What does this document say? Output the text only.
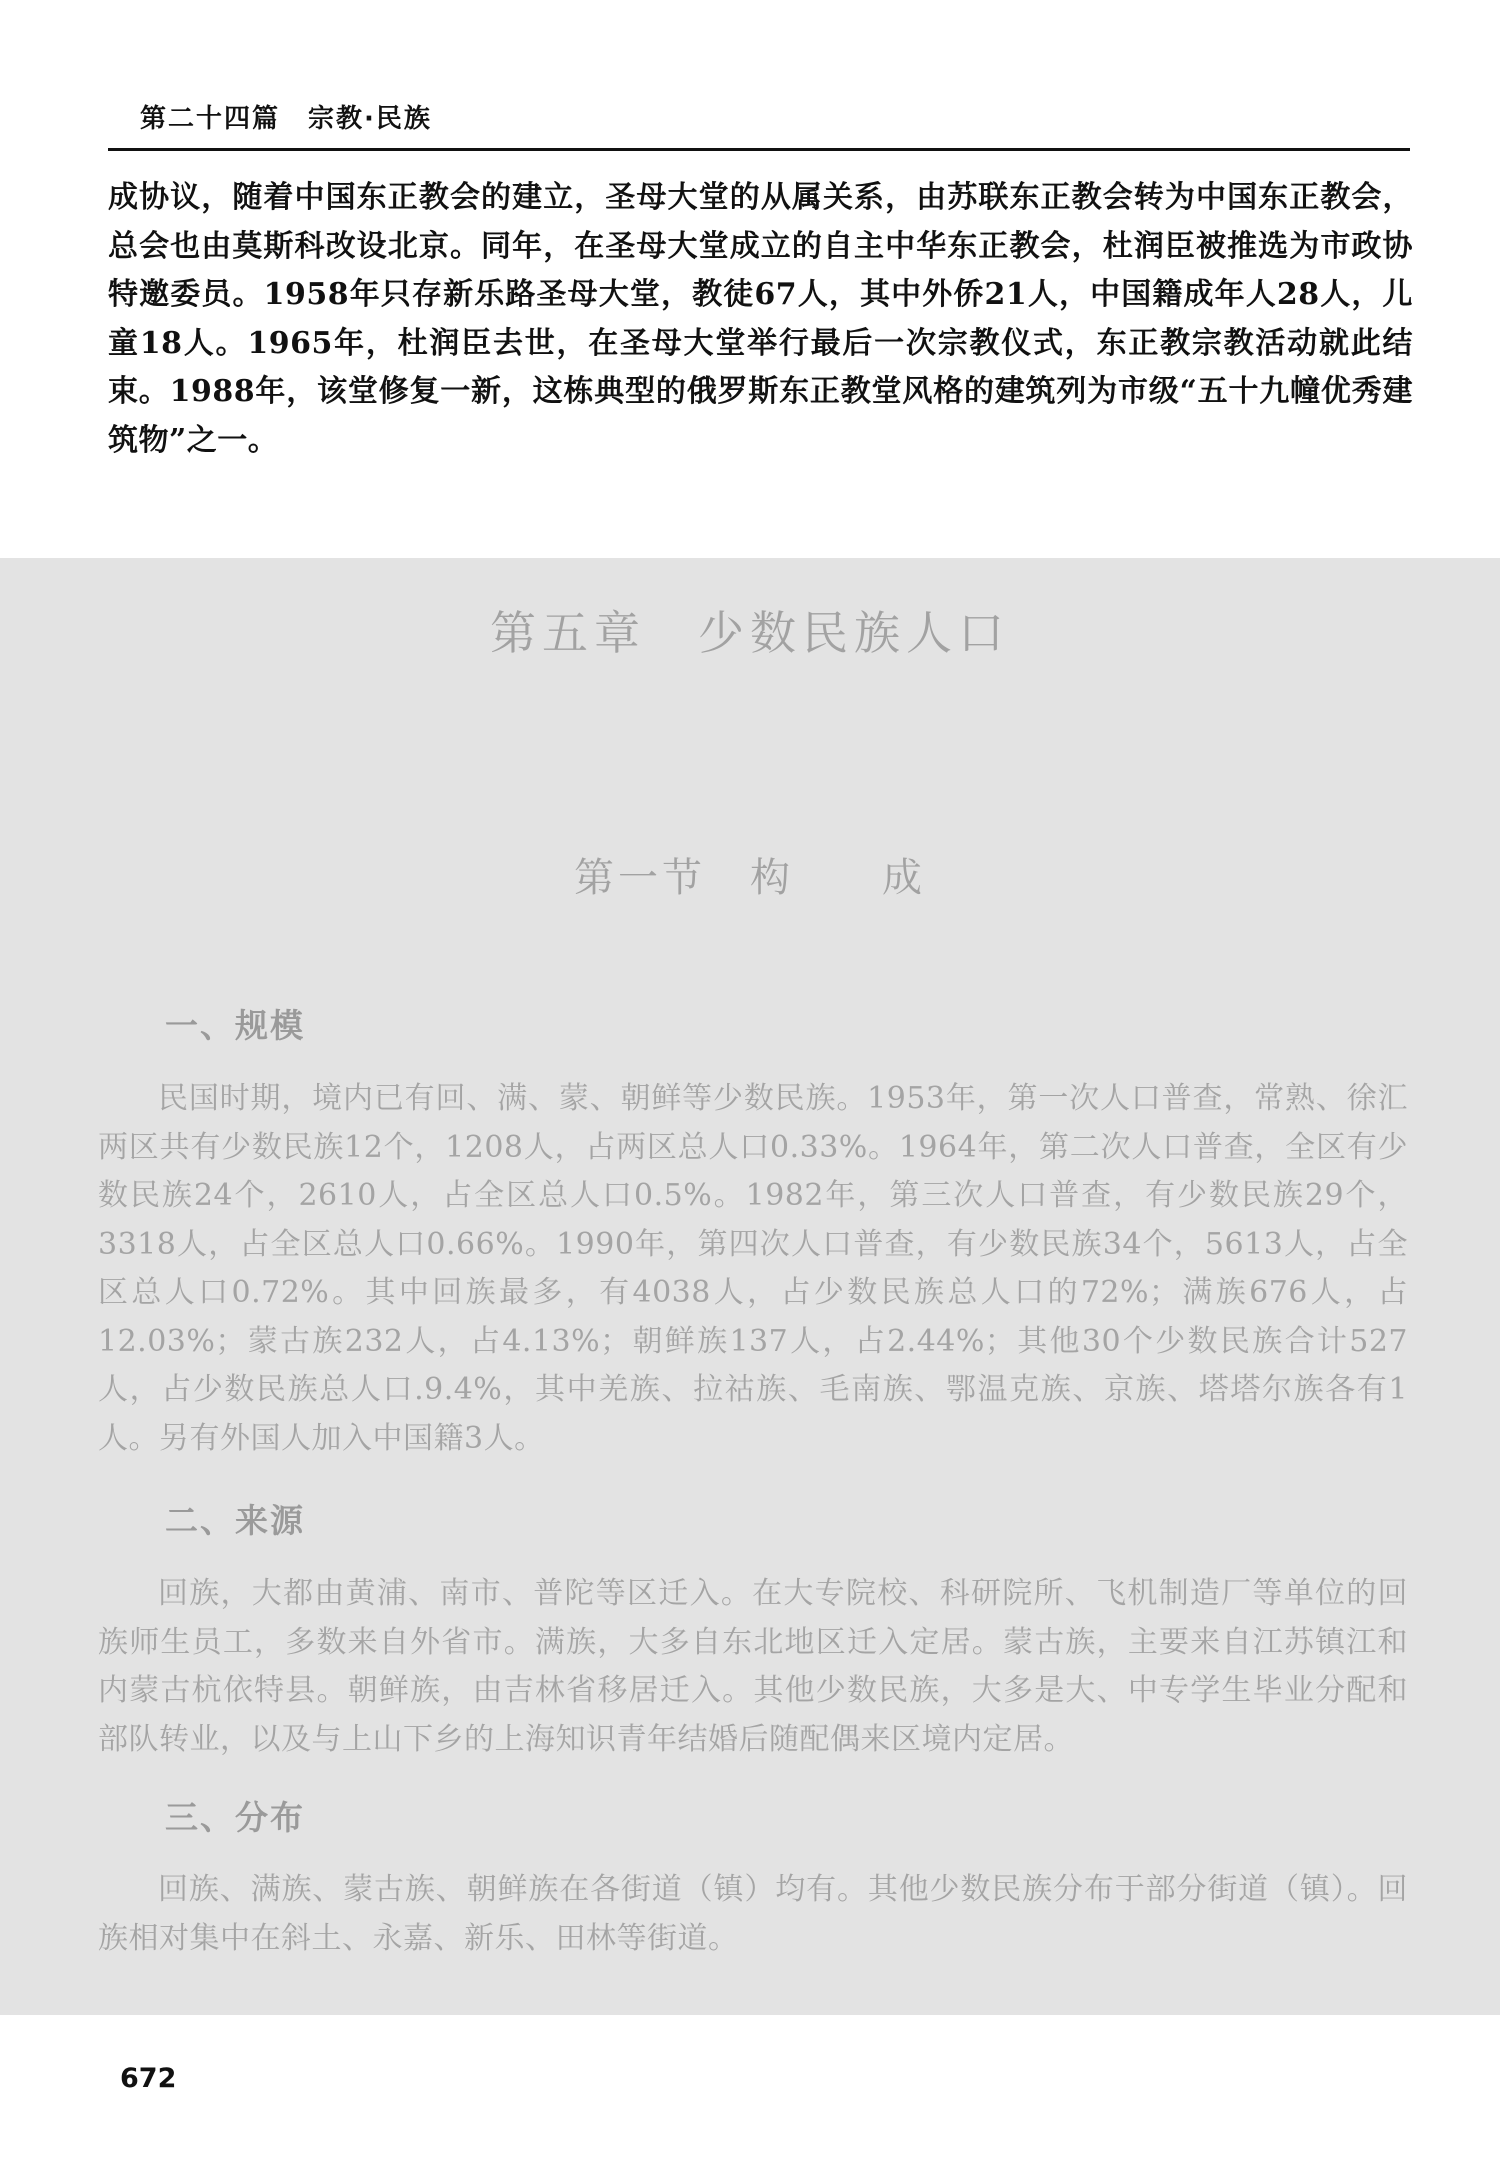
第二十四篇　宗教·民族
成协议，随着中国东正教会的建立，圣母大堂的从属关系，由苏联东正教会转为中国东正教会，总会也由莫斯科改设北京。同年，在圣母大堂成立的自主中华东正教会，杜润臣被推选为市政协特邀委员。1958年只存新乐路圣母大堂，教徒67人，其中外侨21人，中国籍成年人28人，儿童18人。1965年，杜润臣去世，在圣母大堂举行最后一次宗教仪式，东正教宗教活动就此结束。1988年，该堂修复一新，这栋典型的俄罗斯东正教堂风格的建筑列为市级“五十九幢优秀建筑物”之一。
第五章　少数民族人口
第一节　构　　成
一、规模
民国时期，境内已有回、满、蒙、朝鲜等少数民族。1953年，第一次人口普查，常熟、徐汇两区共有少数民族12个，1208人，占两区总人口0.33%。1964年，第二次人口普查，全区有少数民族24个，2610人，占全区总人口0.5%。1982年，第三次人口普查，有少数民族29个，3318人，占全区总人口0.66%。1990年，第四次人口普查，有少数民族34个，5613人，占全区总人口0.72%。其中回族最多，有4038人，占少数民族总人口的72%；满族676人，占12.03%；蒙古族232人，占4.13%；朝鲜族137人，占2.44%；其他30个少数民族合计527人，占少数民族总人口.9.4%，其中羌族、拉祜族、毛南族、鄂温克族、京族、塔塔尔族各有1人。另有外国人加入中国籍3人。
二、来源
回族，大都由黄浦、南市、普陀等区迁入。在大专院校、科研院所、飞机制造厂等单位的回族师生员工，多数来自外省市。满族，大多自东北地区迁入定居。蒙古族，主要来自江苏镇江和内蒙古杭依特县。朝鲜族，由吉林省移居迁入。其他少数民族，大多是大、中专学生毕业分配和部队转业，以及与上山下乡的上海知识青年结婚后随配偶来区境内定居。
三、分布
回族、满族、蒙古族、朝鲜族在各街道（镇）均有。其他少数民族分布于部分街道（镇）。回族相对集中在斜土、永嘉、新乐、田林等街道。
672
